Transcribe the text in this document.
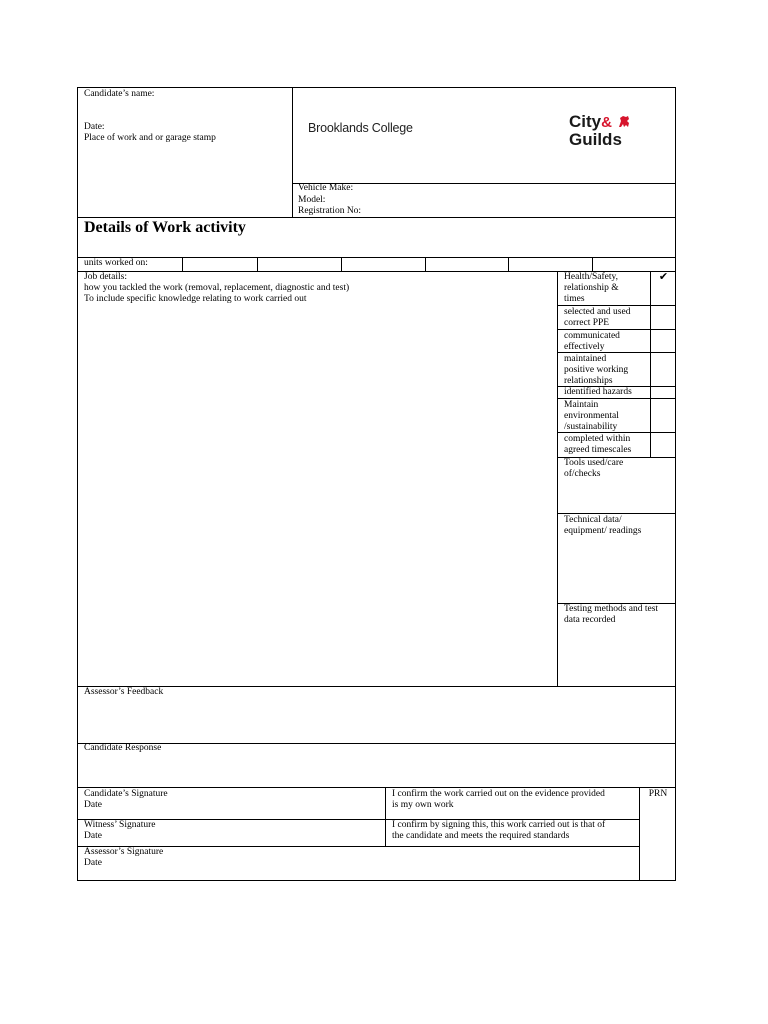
Candidate’s name:
Date:
Place of work and or garage stamp
Brooklands College	City&
Guilds
Vehicle Make:
Model:
Registration No:
Details of Work activity
units worked on:
Job details:
how you tackled the work (removal, replacement, diagnostic and test)
To include specific knowledge relating to work carried out
Health/Safety,
relationship &
times
✔
selected and used
correct PPE
communicated
effectively
maintained
positive working
relationships
identified hazards
Maintain
environmental
/sustainability
completed within
agreed timescales
Tools used/care
of/checks
Technical data/
equipment/ readings
Testing methods and test
data recorded
Assessor’s Feedback
Candidate Response
Candidate’s Signature
Date
I confirm the work carried out on the evidence provided
is my own work
Witness’ Signature
Date
I confirm by signing this, this work carried out is that of
the candidate and meets the required standards
Assessor’s Signature
Date
PRN
